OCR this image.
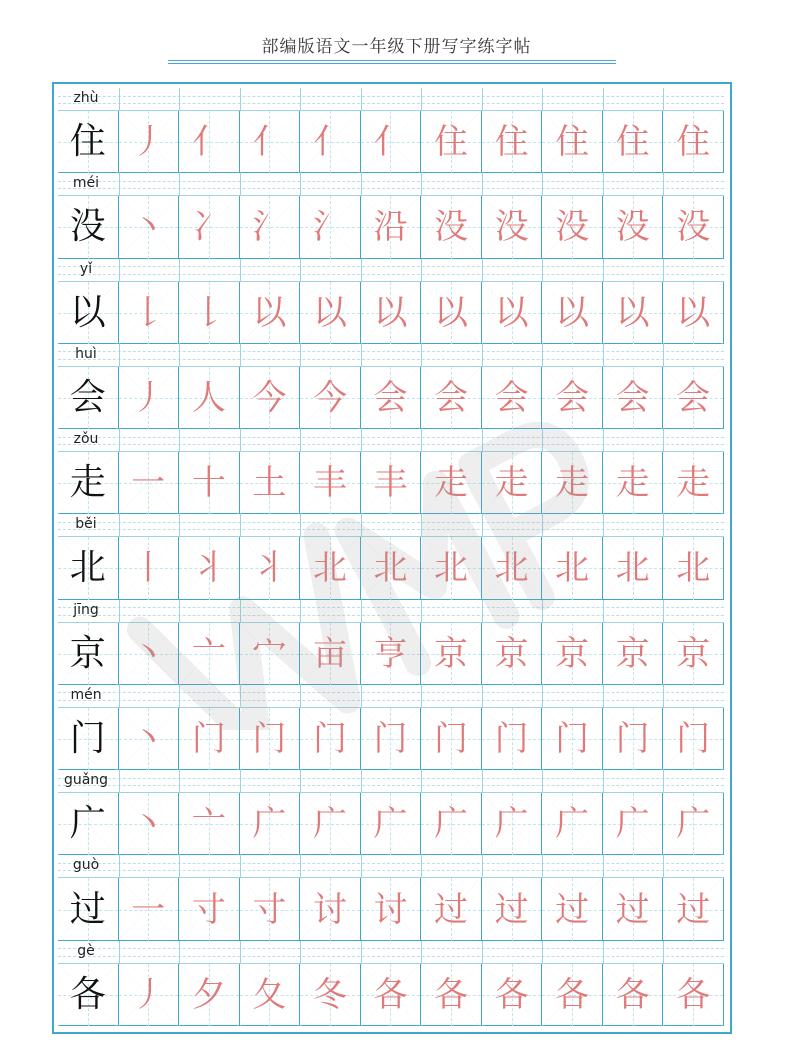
部编版语文一年级下册写字练字帖
zhù
住 丿 亻 亻 亻 亻 住 住 住 住 住
méi
没 丶 冫 氵 氵 沿 没 没 没 没 没
yǐ
以 𠄌 𠄌 以 以 以 以 以 以 以 以
huì
会 丿 人 今 今 会 会 会 会 会 会
zǒu
走 一 十 土 丰 丰 走 走 走 走 走
běi
北 丨 丬 丬 北 北 北 北 北 北 北
jīng
京 丶 亠 宀 亩 亨 京 京 京 京 京
mén
门 丶 门 门 门 门 门 门 门 门 门
guǎng
广 丶 亠 广 广 广 广 广 广 广 广
guò
过 一 寸 寸 讨 讨 过 过 过 过 过
gè
各 丿 夕 夂 冬 各 各 各 各 各 各
